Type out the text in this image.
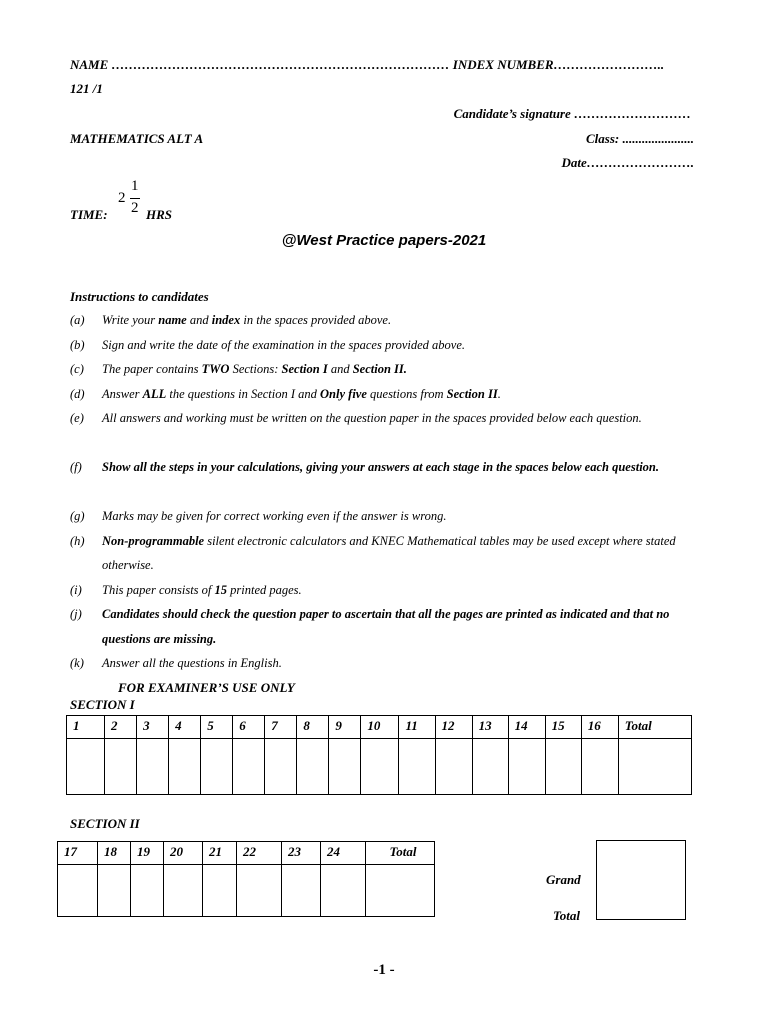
NAME …………………………………………………………………… INDEX NUMBER……………………..
121 /1
Candidate’s signature ………………………
MATHEMATICS ALT A	Class: ......................
Date…………………….
TIME:
2
1
2 HRS
@West Practice papers-2021
Instructions to candidates
(a) Write your name and index in the spaces provided above.
(b) Sign and write the date of the examination in the spaces provided above.
(c) The paper contains TWO Sections: Section I and Section II.
(d) Answer ALL the questions in Section I and Only five questions from Section II.
(e) All answers and working must be written on the question paper in the spaces provided below each question.
(f) Show all the steps in your calculations, giving your answers at each stage in the spaces below each question.
(g) Marks may be given for correct working even if the answer is wrong.
(h) Non-programmable silent electronic calculators and KNEC Mathematical tables may be used except where stated otherwise.
(i) This paper consists of 15 printed pages.
(j) Candidates should check the question paper to ascertain that all the pages are printed as indicated and that no questions are missing.
(k) Answer all the questions in English.
FOR EXAMINER’S USE ONLY
SECTION I
1	2	3	4	5	6	7	8	9	10	11	12	13	14	15	16	Total

SECTION II
17	18	19	20	21	22	23	24	Total

Grand
Total
-1 -
